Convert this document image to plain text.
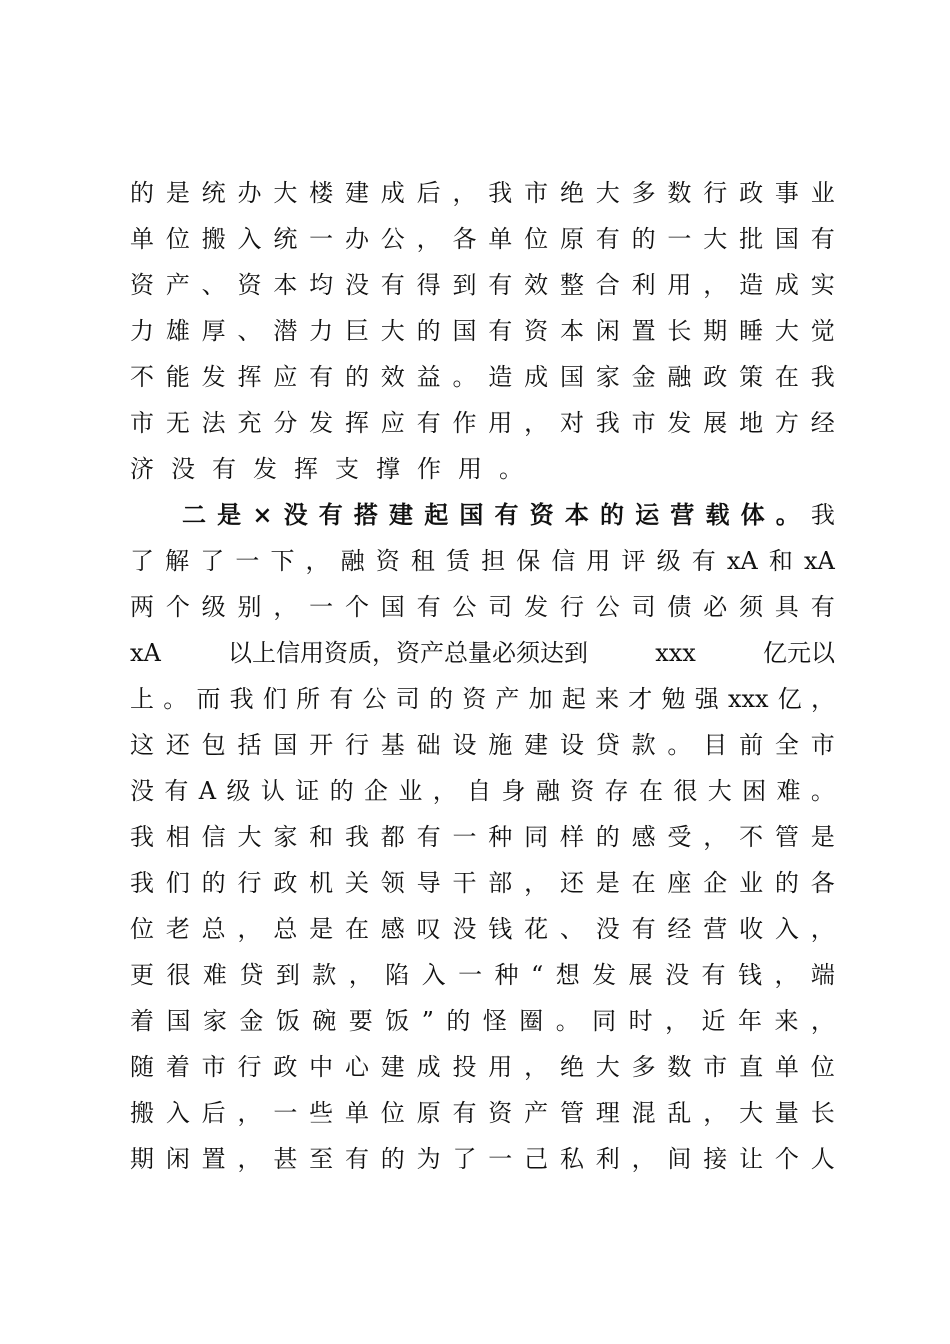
的 是 统 办 大 楼 建 成 后 ， 我 市 绝 大 多 数 行 政 事 业
单 位 搬 入 统 一 办 公 ， 各 单 位 原 有 的 一 大 批 国 有
资 产 、 资 本 均 没 有 得 到 有 效 整 合 利 用 ， 造 成 实
力 雄 厚 、 潜 力 巨 大 的 国 有 资 本 闲 置 长 期 睡 大 觉
不 能 发 挥 应 有 的 效 益 。 造 成 国 家 金 融 政 策 在 我
市 无 法 充 分 发 挥 应 有 作 用 ， 对 我 市 发 展 地 方 经
济 没 有 发 挥 支 撑 作 用 。
二 是 × 没 有 搭 建 起 国 有 资 本 的 运 营 载 体 。 我
了 解 了 一 下 ， 融 资 租 赁 担 保 信 用 评 级 有 xA 和 xA
两 个 级 别 ， 一 个 国 有 公 司 发 行 公 司 债 必 须 具 有
xA	以上信用资质，资产总量必须达到	xxx	亿元以
上 。 而 我 们 所 有 公 司 的 资 产 加 起 来 才 勉 强 xxx 亿 ，
这 还 包 括 国 开 行 基 础 设 施 建 设 贷 款 。 目 前 全 市
没 有 A 级 认 证 的 企 业 ， 自 身 融 资 存 在 很 大 困 难 。
我 相 信 大 家 和 我 都 有 一 种 同 样 的 感 受 ， 不 管 是
我 们 的 行 政 机 关 领 导 干 部 ， 还 是 在 座 企 业 的 各
位 老 总 ， 总 是 在 感 叹 没 钱 花 、 没 有 经 营 收 入 ，
更 很 难 贷 到 款 ， 陷 入 一 种 “ 想 发 展 没 有 钱 ， 端
着 国 家 金 饭 碗 要 饭 ” 的 怪 圈 。 同 时 ， 近 年 来 ，
随 着 市 行 政 中 心 建 成 投 用 ， 绝 大 多 数 市 直 单 位
搬 入 后 ， 一 些 单 位 原 有 资 产 管 理 混 乱 ， 大 量 长
期 闲 置 ， 甚 至 有 的 为 了 一 己 私 利 ， 间 接 让 个 人
